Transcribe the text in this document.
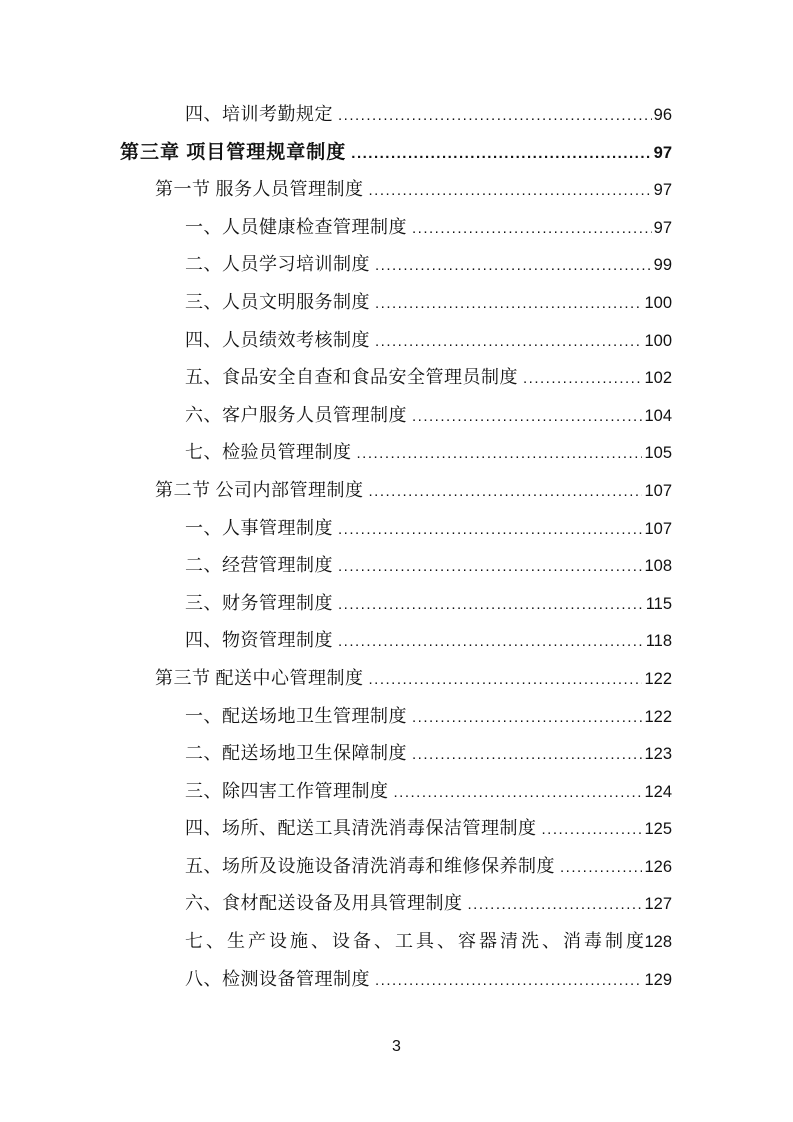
四、培训考勤规定 .....	96
第三章 项目管理规章制度 .....	97
第一节 服务人员管理制度 .....	97
一、人员健康检查管理制度 .....	97
二、人员学习培训制度 .....	99
三、人员文明服务制度 .....	100
四、人员绩效考核制度 .....	100
五、食品安全自查和食品安全管理员制度 .....	102
六、客户服务人员管理制度 .....	104
七、检验员管理制度 .....	105
第二节 公司内部管理制度 .....	107
一、人事管理制度 .....	107
二、经营管理制度 .....	108
三、财务管理制度 .....	115
四、物资管理制度 .....	118
第三节 配送中心管理制度 .....	122
一、配送场地卫生管理制度 .....	122
二、配送场地卫生保障制度 .....	123
三、除四害工作管理制度 .....	124
四、场所、配送工具清洗消毒保洁管理制度 .....	125
五、场所及设施设备清洗消毒和维修保养制度 .....	126
六、食材配送设备及用具管理制度 .....	127
七、生产设施、设备、工具、容器清洗、消毒制度 128
八、检测设备管理制度 .....	129
3
